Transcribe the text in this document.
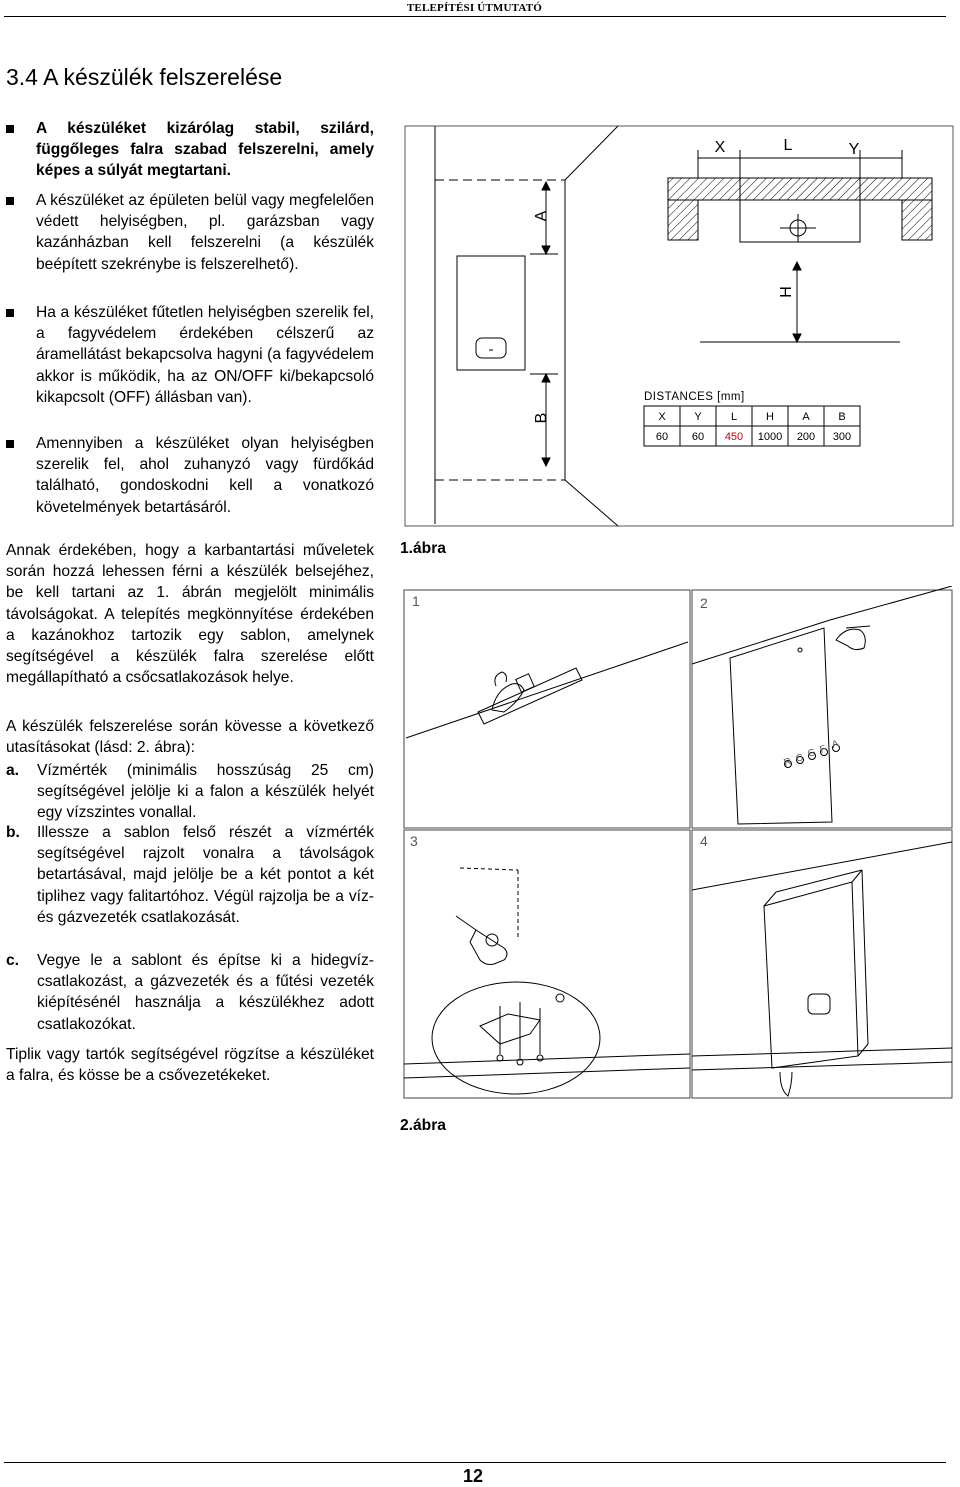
TELEPÍTÉSI ÚTMUTATÓ
3.4 A készülék felszerelése
A készüléket kizárólag stabil, szilárd, függőleges falra szabad felszerelni, amely képes a súlyát megtartani.
A készüléket az épületen belül vagy megfelelően védett helyiségben, pl. garázsban vagy kazánházban kell felszerelni (a készülék beépített szekrénybe is felszerelhető).
Ha a készüléket fűtetlen helyiségben szerelik fel, a fagyvédelem érdekében célszerű az áramellátást bekapcsolva hagyni (a fagyvédelem akkor is működik, ha az ON/OFF ki/bekapcsoló kikapcsolt (OFF) állásban van).
Amennyiben a készüléket olyan helyiségben szerelik fel, ahol zuhanyzó vagy fürdőkád található, gondoskodni kell a vonatkozó követelmények betartásáról.
Annak érdekében, hogy a karbantartási műveletek során hozzá lehessen férni a készülék belsejéhez, be kell tartani az 1. ábrán megjelölt minimális távolságokat. A telepítés megkönnyítése érdekében a kazánokhoz tartozik egy sablon, amelynek segítségével a készülék falra szerelése előtt megállapítható a csőcsatlakozások helye.
A készülék felszerelése során kövesse a következő utasításokat (lásd: 2. ábra):
a. Vízmérték (minimális hosszúság 25 cm) segítségével jelölje ki a falon a készülék helyét egy vízszintes vonallal.
b. Illessze a sablon felső részét a vízmérték segítségével rajzolt vonalra a távolságok betartásával, majd jelölje be a két pontot a két tiplihez vagy falitartóhoz. Végül rajzolja be a víz- és gázvezeték csatlakozását.
c. Vegye le a sablont és építse ki a hidegvíz-csatlakozást, a gázvezeték és a fűtési vezeték kiépítésénél használja a készülékhez adott csatlakozókat.
Tipliк vagy tartók segítségével rögzítse a készüléket a falra, és kösse be a csővezetékeket.
A
B
X	L	Y
H
DISTANCES [mm]
X	Y	L	H	A	B
60 60 450 1000 200 300
1.ábra
1	2
3	4
R C G F A
2.ábra
12
